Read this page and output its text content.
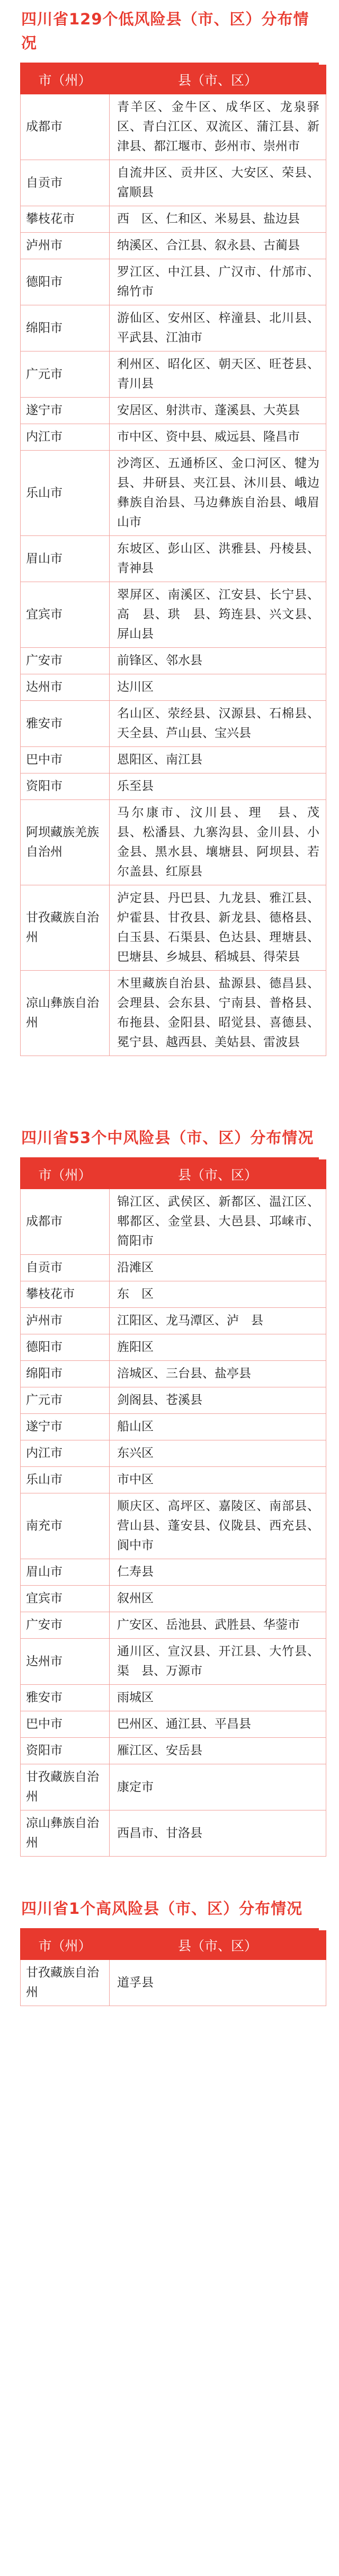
四川省129个低风险县（市、区）分布情况
市（州）	县（市、区）
成都市	青羊区、金牛区、成华区、龙泉驿区、青白江区、双流区、蒲江县、新津县、都江堰市、彭州市、崇州市
自贡市	自流井区、贡井区、大安区、荣县、富顺县
攀枝花市	西　区、仁和区、米易县、盐边县
泸州市	纳溪区、合江县、叙永县、古蔺县
德阳市	罗江区、中江县、广汉市、什邡市、绵竹市
绵阳市	游仙区、安州区、梓潼县、北川县、平武县、江油市
广元市	利州区、昭化区、朝天区、旺苍县、青川县
遂宁市	安居区、射洪市、蓬溪县、大英县
内江市	市中区、资中县、威远县、隆昌市
乐山市	沙湾区、五通桥区、金口河区、犍为县、井研县、夹江县、沐川县、峨边彝族自治县、马边彝族自治县、峨眉山市
眉山市	东坡区、彭山区、洪雅县、丹棱县、青神县
宜宾市	翠屏区、南溪区、江安县、长宁县、高　县、珙　县、筠连县、兴文县、屏山县
广安市	前锋区、邻水县
达州市	达川区
雅安市	名山区、荥经县、汉源县、石棉县、天全县、芦山县、宝兴县
巴中市	恩阳区、南江县
资阳市	乐至县
阿坝藏族羌族自治州	马尔康市、汶川县、理　县、茂　县、松潘县、九寨沟县、金川县、小金县、黑水县、壤塘县、阿坝县、若尔盖县、红原县
甘孜藏族自治州	泸定县、丹巴县、九龙县、雅江县、炉霍县、甘孜县、新龙县、德格县、白玉县、石渠县、色达县、理塘县、巴塘县、乡城县、稻城县、得荣县
凉山彝族自治州	木里藏族自治县、盐源县、德昌县、会理县、会东县、宁南县、普格县、布拖县、金阳县、昭觉县、喜德县、冕宁县、越西县、美姑县、雷波县
四川省53个中风险县（市、区）分布情况
市（州）	县（市、区）
成都市	锦江区、武侯区、新都区、温江区、郫都区、金堂县、大邑县、邛崃市、简阳市
自贡市	沿滩区
攀枝花市	东　区
泸州市	江阳区、龙马潭区、泸　县
德阳市	旌阳区
绵阳市	涪城区、三台县、盐亭县
广元市	剑阁县、苍溪县
遂宁市	船山区
内江市	东兴区
乐山市	市中区
南充市	顺庆区、高坪区、嘉陵区、南部县、营山县、蓬安县、仪陇县、西充县、阆中市
眉山市	仁寿县
宜宾市	叙州区
广安市	广安区、岳池县、武胜县、华蓥市
达州市	通川区、宣汉县、开江县、大竹县、渠　县、万源市
雅安市	雨城区
巴中市	巴州区、通江县、平昌县
资阳市	雁江区、安岳县
甘孜藏族自治州	康定市
凉山彝族自治州	西昌市、甘洛县
四川省1个高风险县（市、区）分布情况
市（州）	县（市、区）
甘孜藏族自治州	道孚县
